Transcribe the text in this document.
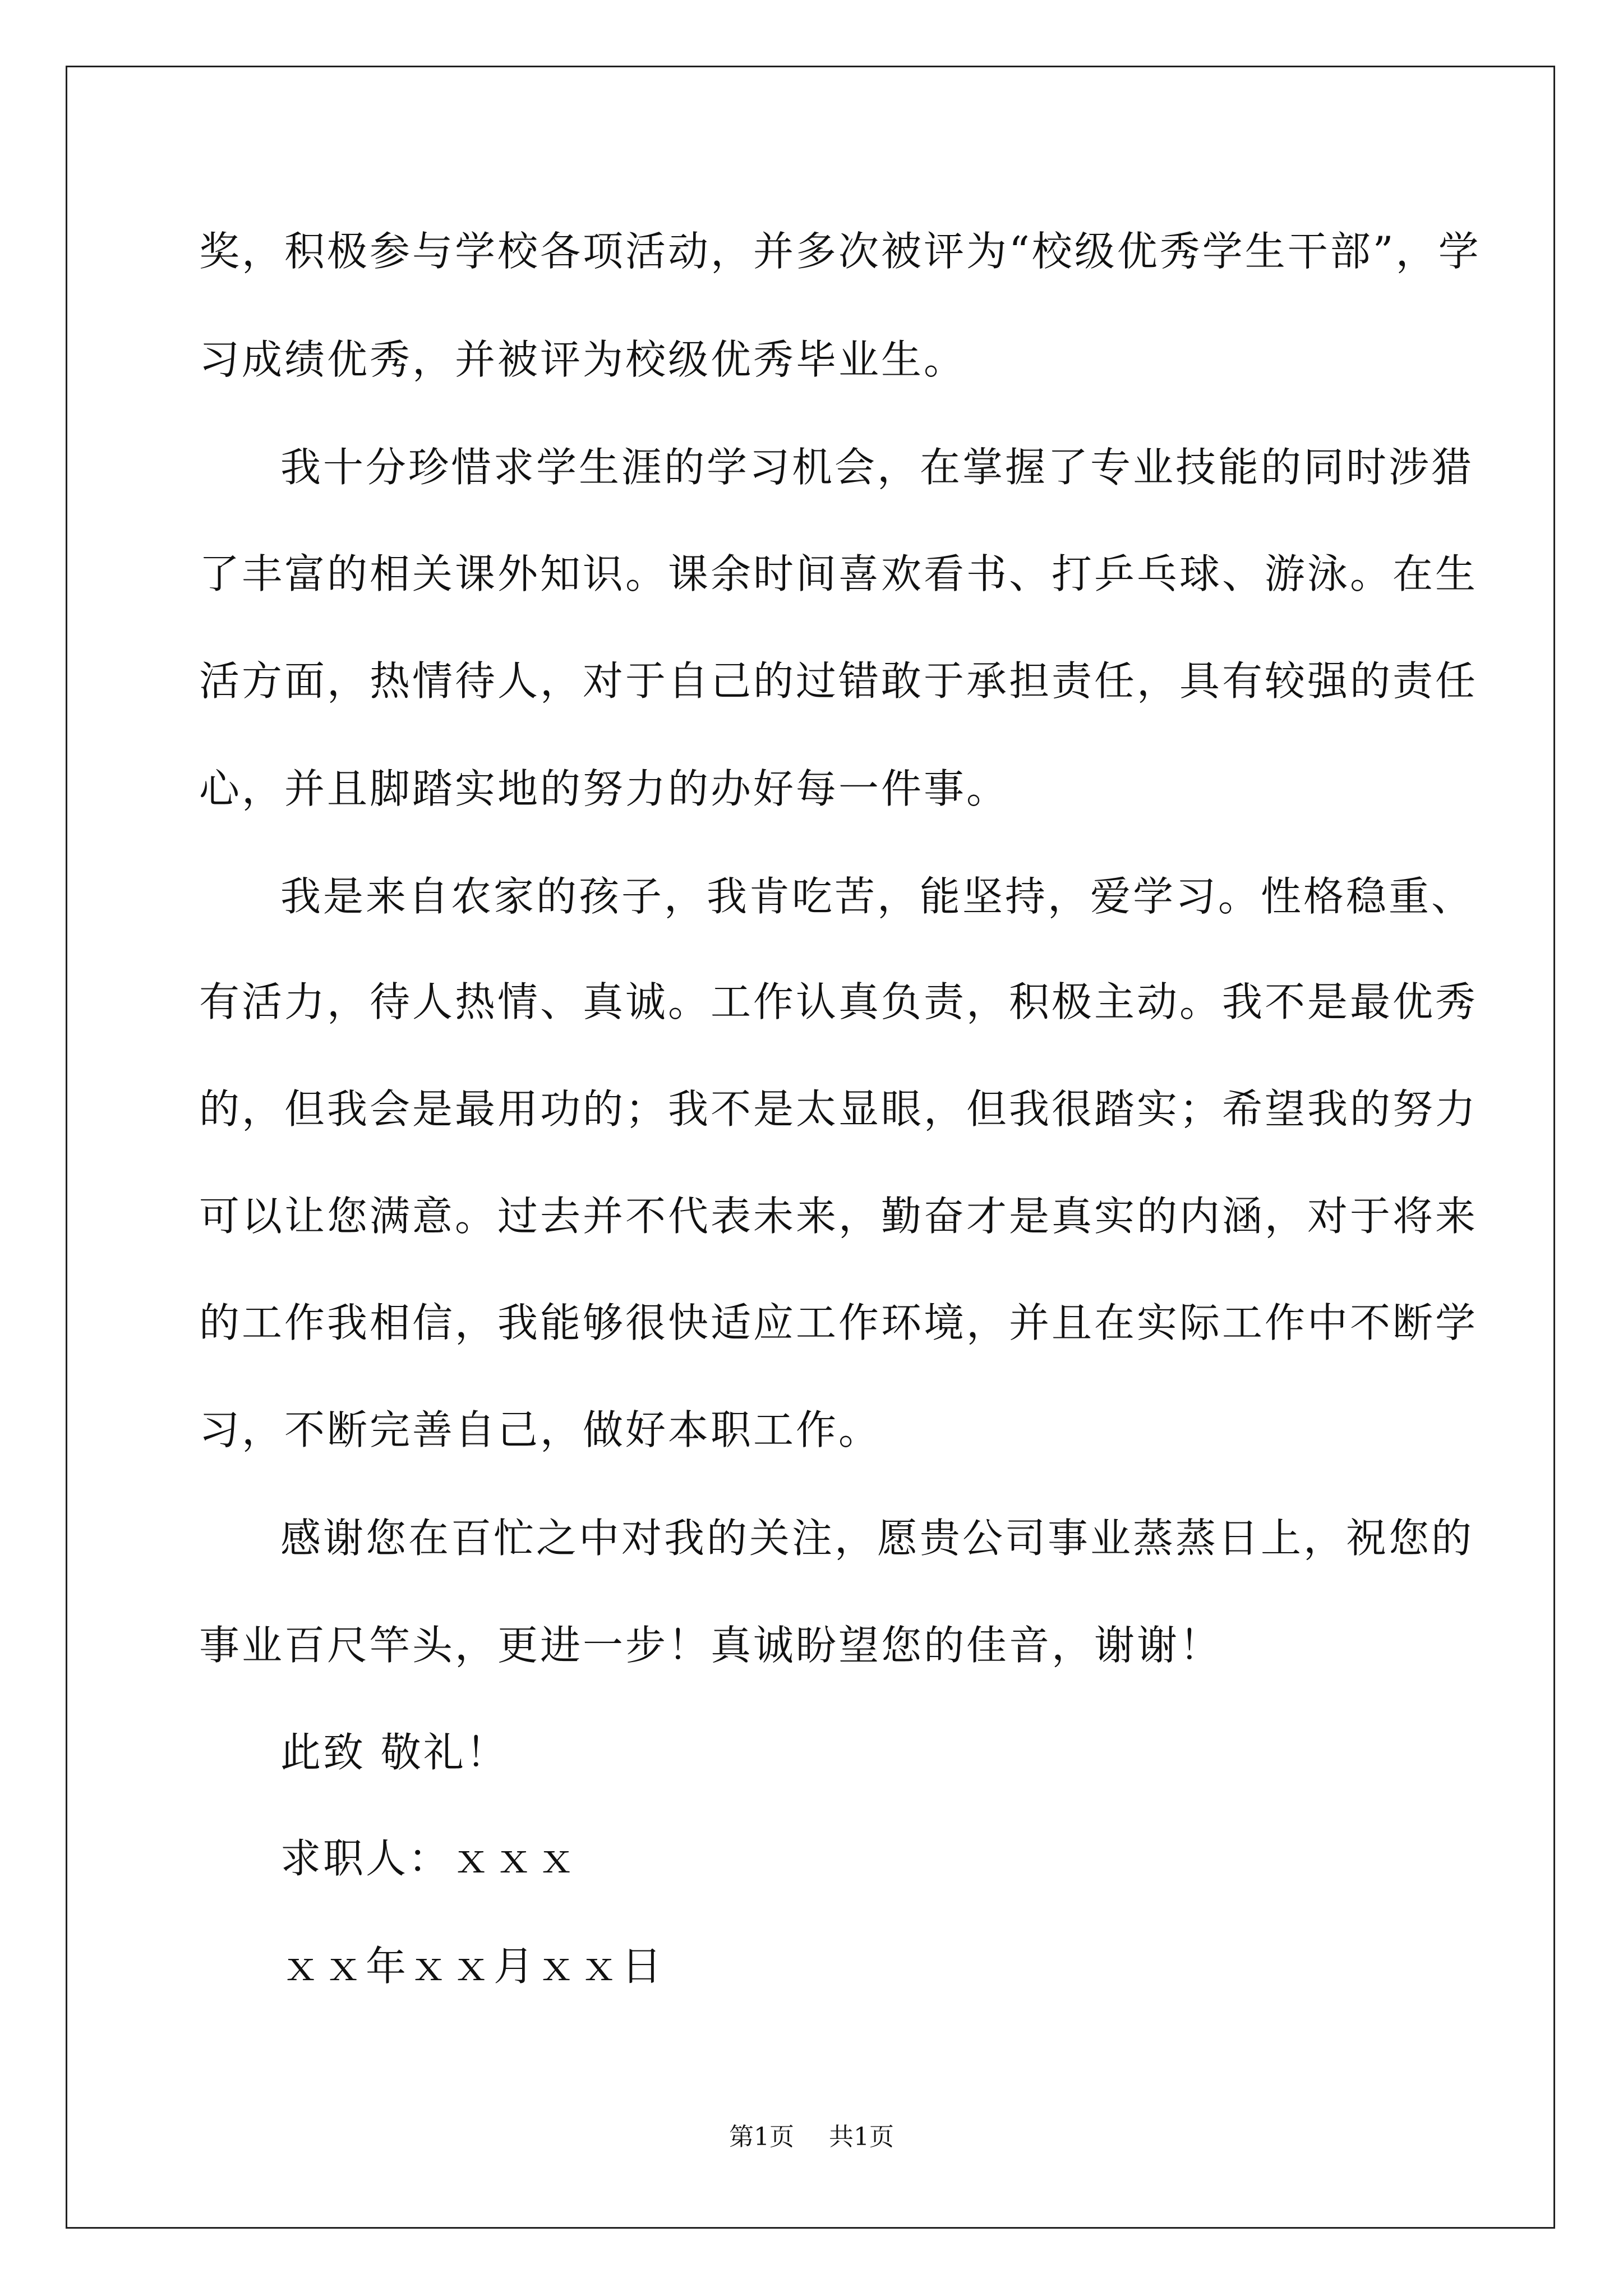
奖，积极参与学校各项活动，并多次被评为“校级优秀学生干部”，学
习成绩优秀，并被评为校级优秀毕业生。
我十分珍惜求学生涯的学习机会，在掌握了专业技能的同时涉猎
了丰富的相关课外知识。课余时间喜欢看书、打乒乓球、游泳。在生
活方面，热情待人，对于自己的过错敢于承担责任，具有较强的责任
心，并且脚踏实地的努力的办好每一件事。
我是来自农家的孩子，我肯吃苦，能坚持，爱学习。性格稳重、
有活力，待人热情、真诚。工作认真负责，积极主动。我不是最优秀
的，但我会是最用功的；我不是太显眼，但我很踏实；希望我的努力
可以让您满意。过去并不代表未来，勤奋才是真实的内涵，对于将来
的工作我相信，我能够很快适应工作环境，并且在实际工作中不断学
习，不断完善自己，做好本职工作。
感谢您在百忙之中对我的关注，愿贵公司事业蒸蒸日上，祝您的
事业百尺竿头，更进一步！真诚盼望您的佳音，谢谢！
此致 敬礼！
求职人：ｘｘｘ
ｘｘ年ｘｘ月ｘｘ日
第1页 共1页
